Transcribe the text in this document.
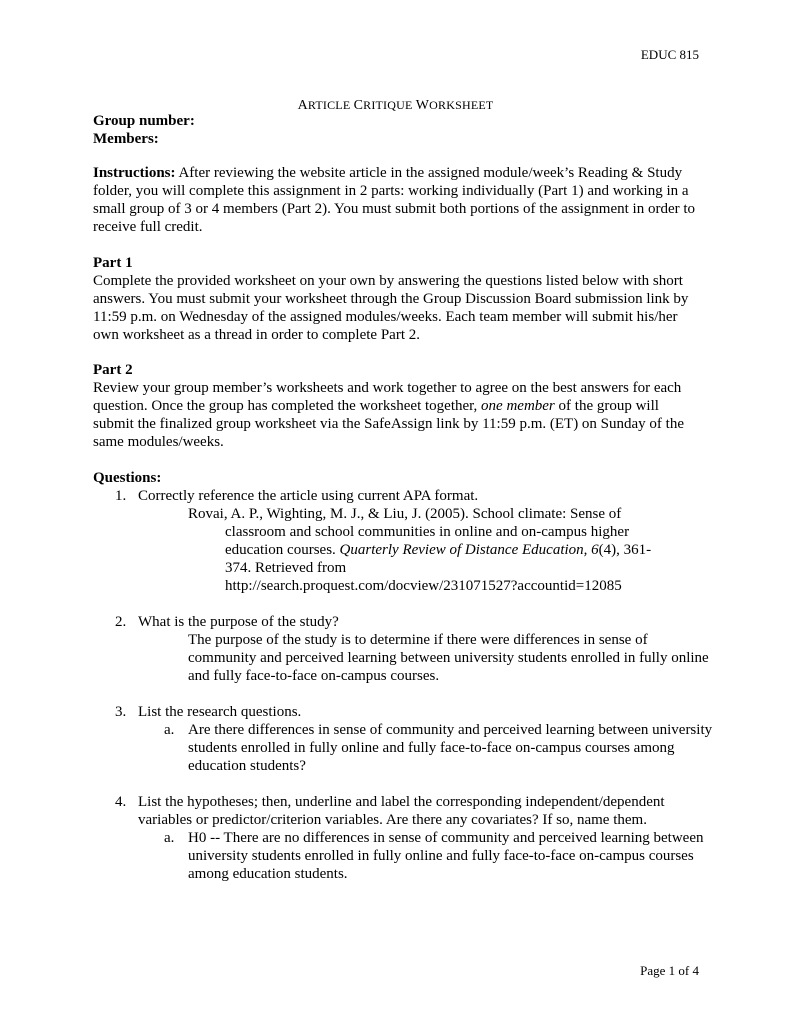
EDUC 815
ARTICLE CRITIQUE WORKSHEET
Group number:
Members:
Instructions: After reviewing the website article in the assigned module/week’s Reading & Study folder, you will complete this assignment in 2 parts: working individually (Part 1) and working in a small group of 3 or 4 members (Part 2). You must submit both portions of the assignment in order to receive full credit.
Part 1
Complete the provided worksheet on your own by answering the questions listed below with short answers. You must submit your worksheet through the Group Discussion Board submission link by 11:59 p.m. on Wednesday of the assigned modules/weeks. Each team member will submit his/her own worksheet as a thread in order to complete Part 2.
Part 2
Review your group member’s worksheets and work together to agree on the best answers for each question. Once the group has completed the worksheet together, one member of the group will submit the finalized group worksheet via the SafeAssign link by 11:59 p.m. (ET) on Sunday of the same modules/weeks.
Questions:
1. Correctly reference the article using current APA format.
Rovai, A. P., Wighting, M. J., & Liu, J. (2005). School climate: Sense of
classroom and school communities in online and on-campus higher
education courses. Quarterly Review of Distance Education, 6(4), 361-
374. Retrieved from
http://search.proquest.com/docview/231071527?accountid=12085
2. What is the purpose of the study?
The purpose of the study is to determine if there were differences in sense of community and perceived learning between university students enrolled in fully online and fully face-to-face on-campus courses.
3. List the research questions.
a. Are there differences in sense of community and perceived learning between university students enrolled in fully online and fully face-to-face on-campus courses among education students?
4. List the hypotheses; then, underline and label the corresponding independent/dependent variables or predictor/criterion variables. Are there any covariates? If so, name them.
a. H0 -- There are no differences in sense of community and perceived learning between university students enrolled in fully online and fully face-to-face on-campus courses among education students.
Page 1 of 4
